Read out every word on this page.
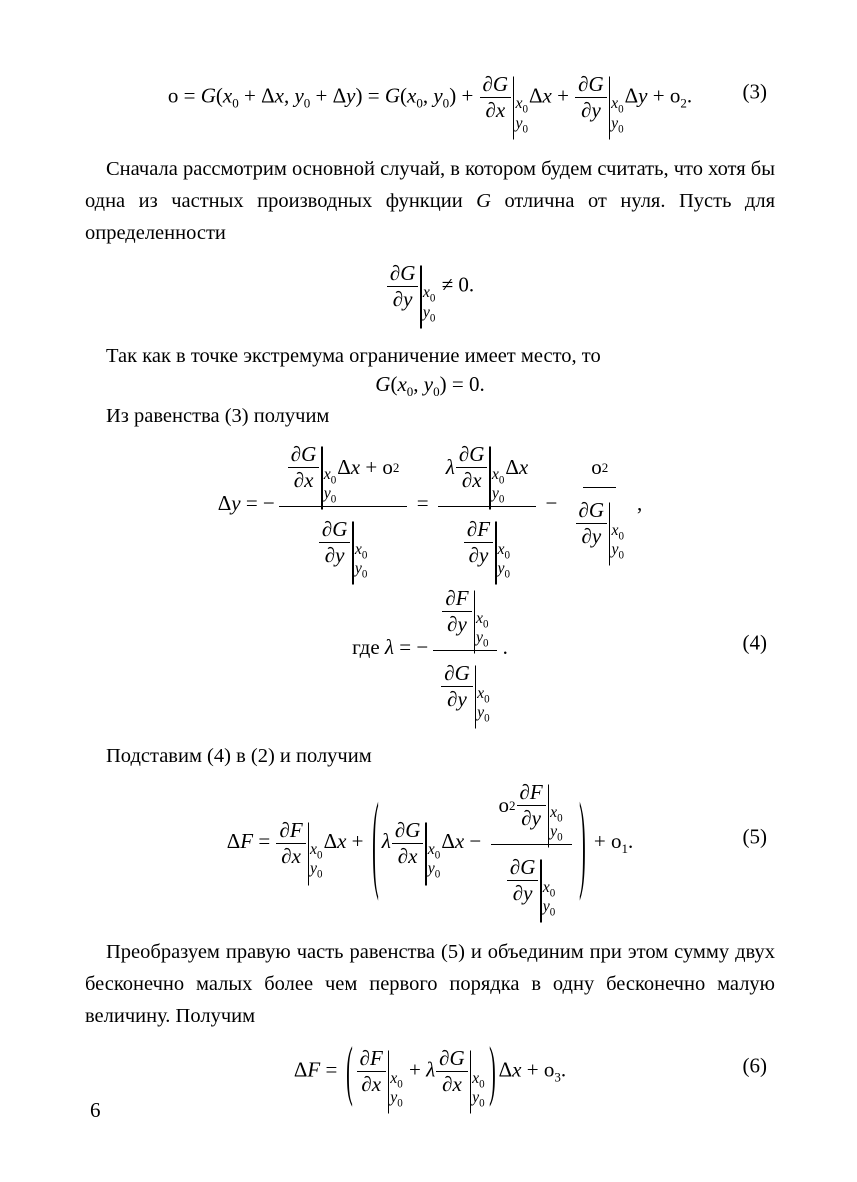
$o = G(x_0 + \Delta x$, $y_0 + \Delta y) = G(x_0$, $y_0) + \frac{\partial G}{\partial x} x_0$
$y_0$
$\Delta x + \frac{\partial G}{\partial y} x_0$
$y_0$
$\Delta y + o_2$. (3)

Сначала рассмотрим основной случай, в котором будем считать, что хотя бы одна из частных производных функции G отлична от нуля. Пусть для определенности

$\frac{\partial G}{\partial y} x_0$
$y_0$
≠ 0.

Так как в точке экстремума ограничение имеет место, то

$G(x_0$, $y_0) = 0$.

Из равенства (3) получим

Δy = − $\frac{\partial G}{\partial x} x_0$
$y_0$
Δ x + o 2
$\frac{\partial G}{\partial y} x_0$
$y_0 = \lambda \frac{\partial G}{\partial x} x_0$
$y_0$
Δ x
$\frac{\partial F}{\partial y} x_0$
$y_0 - o$ 2
$\frac{\partial G}{\partial y} x_0$
$y_0$ ,
где λ = − $\frac{\partial F}{\partial y} x_0$
$y_0$
$\frac{\partial G}{\partial y} x_0$
$y_0$ .	(4)

Подставим (4) в (2) и получим

$\Delta F = \frac{\partial F}{\partial x} x_0$
$y_0$
Δx + ( λ $\frac{\partial G}{\partial x} x_0$
$y_0$
Δx − o $2 \frac{\partial F}{\partial y} x_0$
$y_0$
$\frac{\partial G}{\partial y} x_0$
$y_0$ ) + $o_1$.	(5)

Преобразуем правую часть равенства (5) и объединим при этом сумму двух бесконечно малых более чем первого порядка в одну бесконечно малую величину. Получим

ΔF = ( $\frac{\partial F}{\partial x} x_0$
$y_0$
+ λ $\frac{\partial G}{\partial x} x_0$
$y_0$ ) $\Delta x + o_3$.	(6)
6
